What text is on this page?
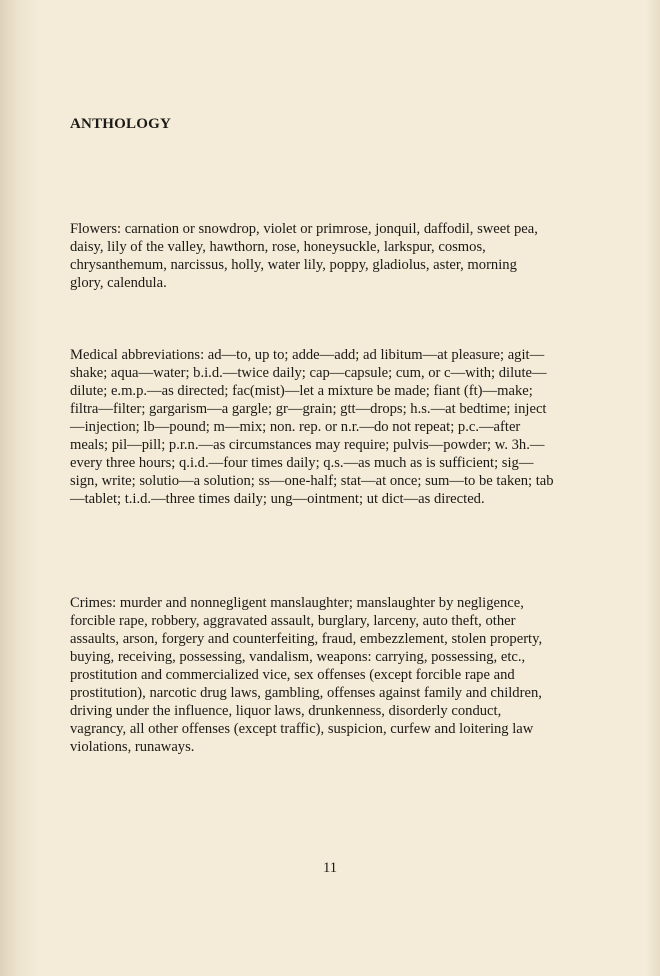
ANTHOLOGY

Flowers: carnation or snowdrop, violet or primrose, jonquil, daffodil, sweet pea, daisy, lily of the valley, hawthorn, rose, honeysuckle, larkspur, cosmos, chrysanthemum, narcissus, holly, water lily, poppy, gladiolus, aster, morning glory, calendula.

Medical abbreviations: ad—to, up to; adde—add; ad libitum—at pleasure; agit—shake; aqua—water; b.i.d.—twice daily; cap—capsule; cum, or c—with; dilute—dilute; e.m.p.—as directed; fac(mist)—let a mixture be made; fiant (ft)—make; filtra—filter; gargarism—a gargle; gr—grain; gtt—drops; h.s.—at bedtime; inject—injection; lb—pound; m—mix; non. rep. or n.r.—do not repeat; p.c.—after meals; pil—pill; p.r.n.—as circumstances may require; pulvis—powder; w. 3h.—every three hours; q.i.d.—four times daily; q.s.—as much as is sufficient; sig—sign, write; solutio—a solution; ss—one-half; stat—at once; sum—to be taken; tab—tablet; t.i.d.—three times daily; ung—ointment; ut dict—as directed.

Crimes: murder and nonnegligent manslaughter; manslaughter by negligence, forcible rape, robbery, aggravated assault, burglary, larceny, auto theft, other assaults, arson, forgery and counterfeiting, fraud, embezzlement, stolen property, buying, receiving, possessing, vandalism, weapons: carrying, possessing, etc., prostitution and commercialized vice, sex offenses (except forcible rape and prostitution), narcotic drug laws, gambling, offenses against family and children, driving under the influence, liquor laws, drunkenness, disorderly conduct, vagrancy, all other offenses (except traffic), suspicion, curfew and loitering law violations, runaways.

11
